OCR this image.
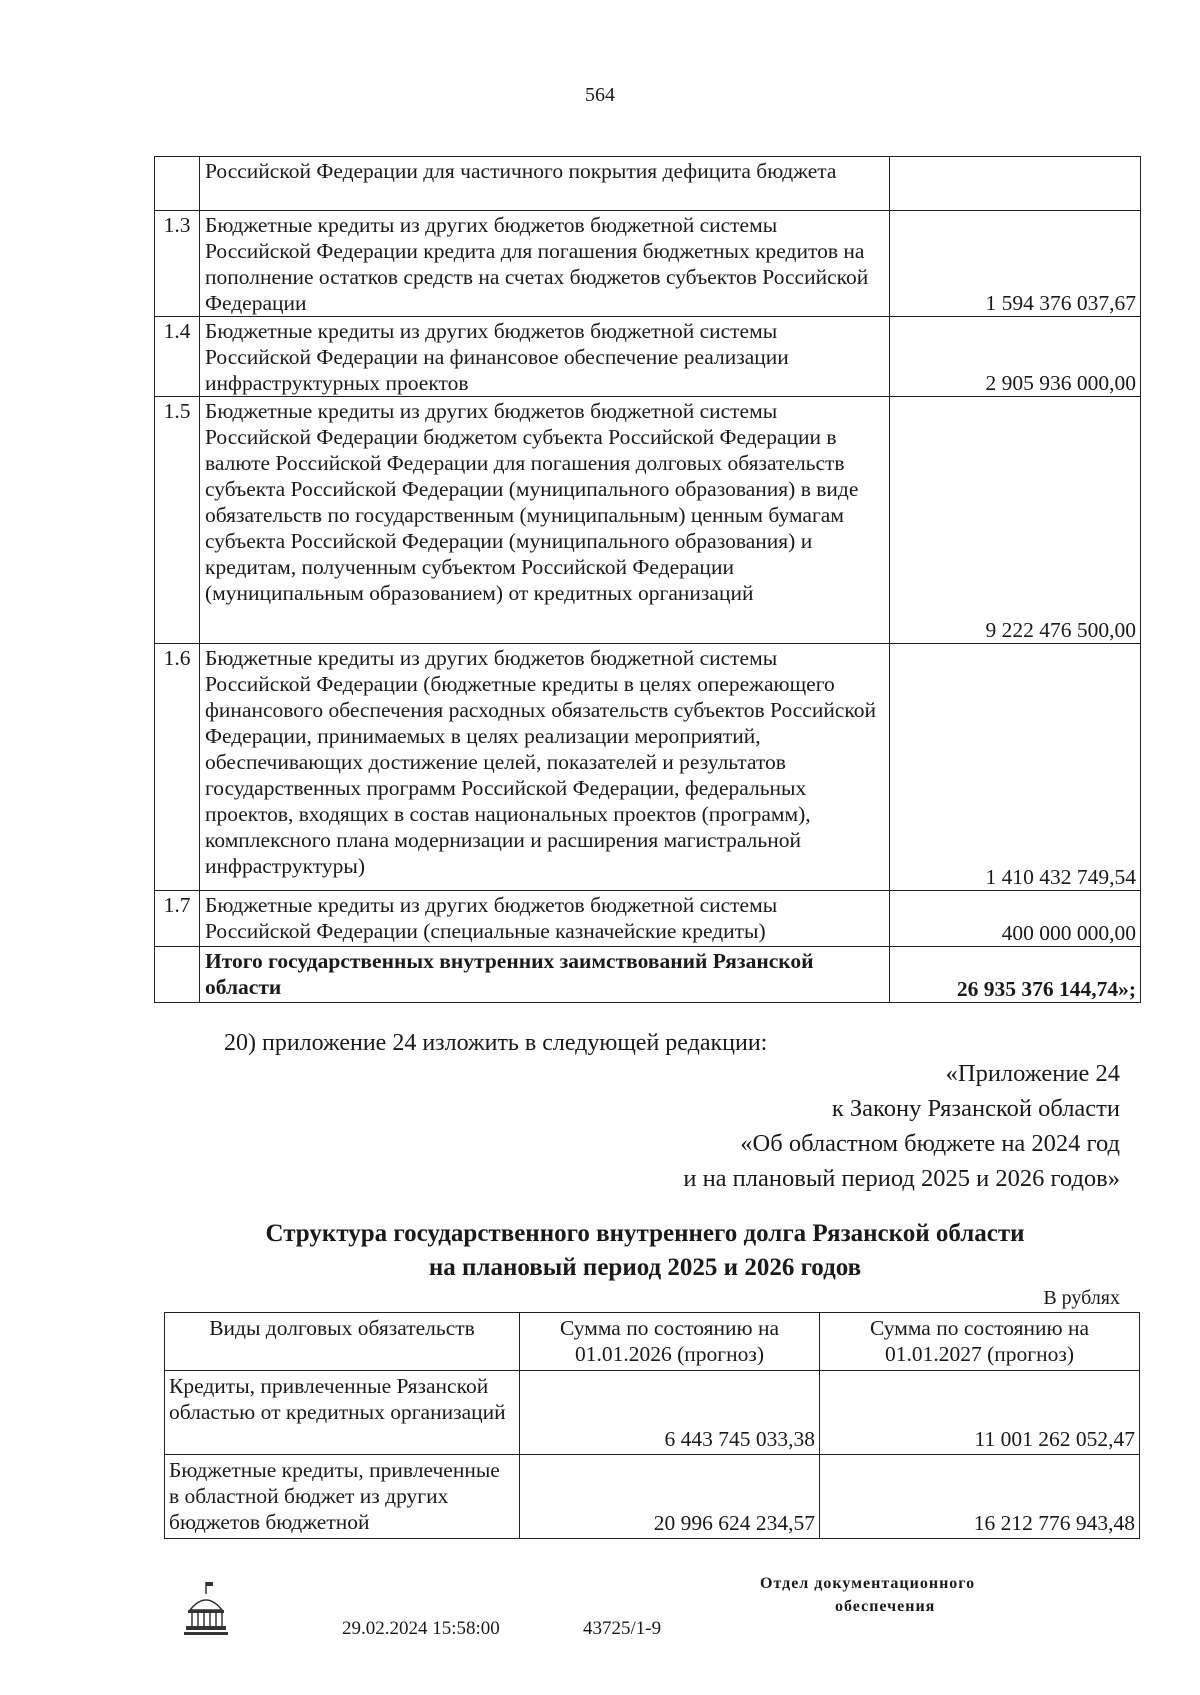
564
	Российской Федерации для частичного покрытия дефицита бюджета	
1.3	Бюджетные кредиты из других бюджетов бюджетной системы Российской Федерации кредита для погашения бюджетных кредитов на пополнение остатков средств на счетах бюджетов субъектов Российской Федерации	1 594 376 037,67
1.4	Бюджетные кредиты из других бюджетов бюджетной системы Российской Федерации на финансовое обеспечение реализации инфраструктурных проектов	2 905 936 000,00
1.5	Бюджетные кредиты из других бюджетов бюджетной системы Российской Федерации бюджетом субъекта Российской Федерации в валюте Российской Федерации для погашения долговых обязательств субъекта Российской Федерации (муниципального образования) в виде обязательств по государственным (муниципальным) ценным бумагам субъекта Российской Федерации (муниципального образования) и кредитам, полученным субъектом Российской Федерации (муниципальным образованием) от кредитных организаций	9 222 476 500,00
1.6	Бюджетные кредиты из других бюджетов бюджетной системы Российской Федерации (бюджетные кредиты в целях опережающего финансового обеспечения расходных обязательств субъектов Российской Федерации, принимаемых в целях реализации мероприятий, обеспечивающих достижение целей, показателей и результатов государственных программ Российской Федерации, федеральных проектов, входящих в состав национальных проектов (программ), комплексного плана модернизации и расширения магистральной инфраструктуры)	1 410 432 749,54
1.7	Бюджетные кредиты из других бюджетов бюджетной системы Российской Федерации (специальные казначейские кредиты)	400 000 000,00
	Итого государственных внутренних заимствований Рязанской области	26 935 376 144,74»;
20) приложение 24 изложить в следующей редакции:
«Приложение 24
к Закону Рязанской области
«Об областном бюджете на 2024 год
и на плановый период 2025 и 2026 годов»
Структура государственного внутреннего долга Рязанской области
на плановый период 2025 и 2026 годов
В рублях
Виды долговых обязательств	Сумма по состоянию на 01.01.2026 (прогноз)	Сумма по состоянию на 01.01.2027 (прогноз)
Кредиты, привлеченные Рязанской областью от кредитных организаций	6 443 745 033,38	11 001 262 052,47
Бюджетные кредиты, привлеченные в областной бюджет из других бюджетов бюджетной	20 996 624 234,57	16 212 776 943,48
29.02.2024 15:58:00	43725/1-9
Отдел документационного
обеспечения
